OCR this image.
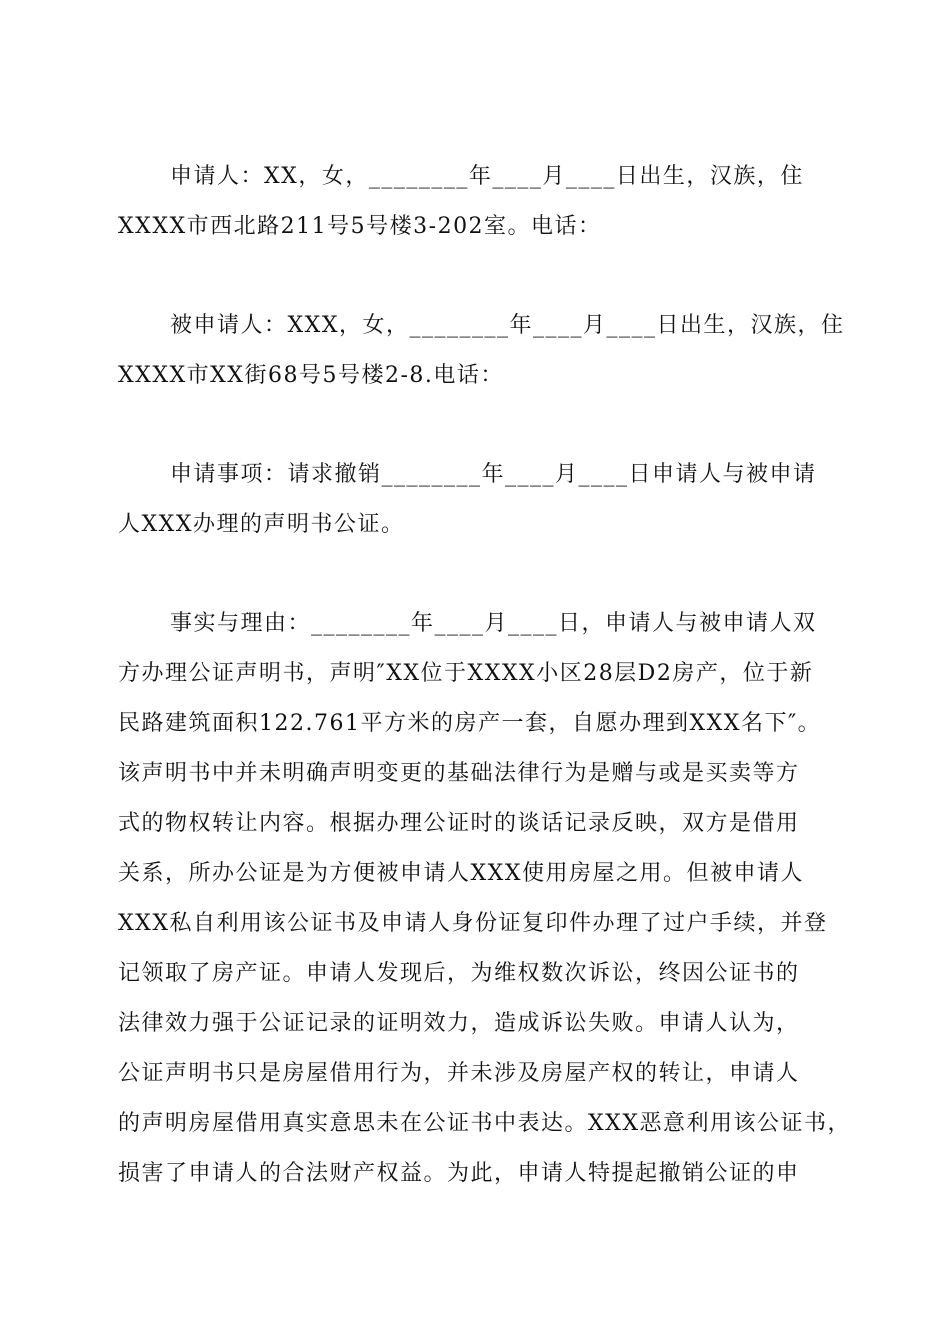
申请人：XX，女，________年____月____日出生，汉族，住
XXXX市西北路211号5号楼3-202室。电话：
被申请人：XXX，女，________年____月____日出生，汉族，住
XXXX市XX街68号5号楼2-8.电话：
申请事项：请求撤销________年____月____日申请人与被申请
人XXX办理的声明书公证。
事实与理由：________年____月____日，申请人与被申请人双
方办理公证声明书，声明″XX位于XXXX小区28层D2房产，位于新
民路建筑面积122.761平方米的房产一套，自愿办理到XXX名下″。
该声明书中并未明确声明变更的基础法律行为是赠与或是买卖等方
式的物权转让内容。根据办理公证时的谈话记录反映，双方是借用
关系，所办公证是为方便被申请人XXX使用房屋之用。但被申请人
XXX私自利用该公证书及申请人身份证复印件办理了过户手续，并登
记领取了房产证。申请人发现后，为维权数次诉讼，终因公证书的
法律效力强于公证记录的证明效力，造成诉讼失败。申请人认为，
公证声明书只是房屋借用行为，并未涉及房屋产权的转让，申请人
的声明房屋借用真实意思未在公证书中表达。XXX恶意利用该公证书，
损害了申请人的合法财产权益。为此，申请人特提起撤销公证的申
